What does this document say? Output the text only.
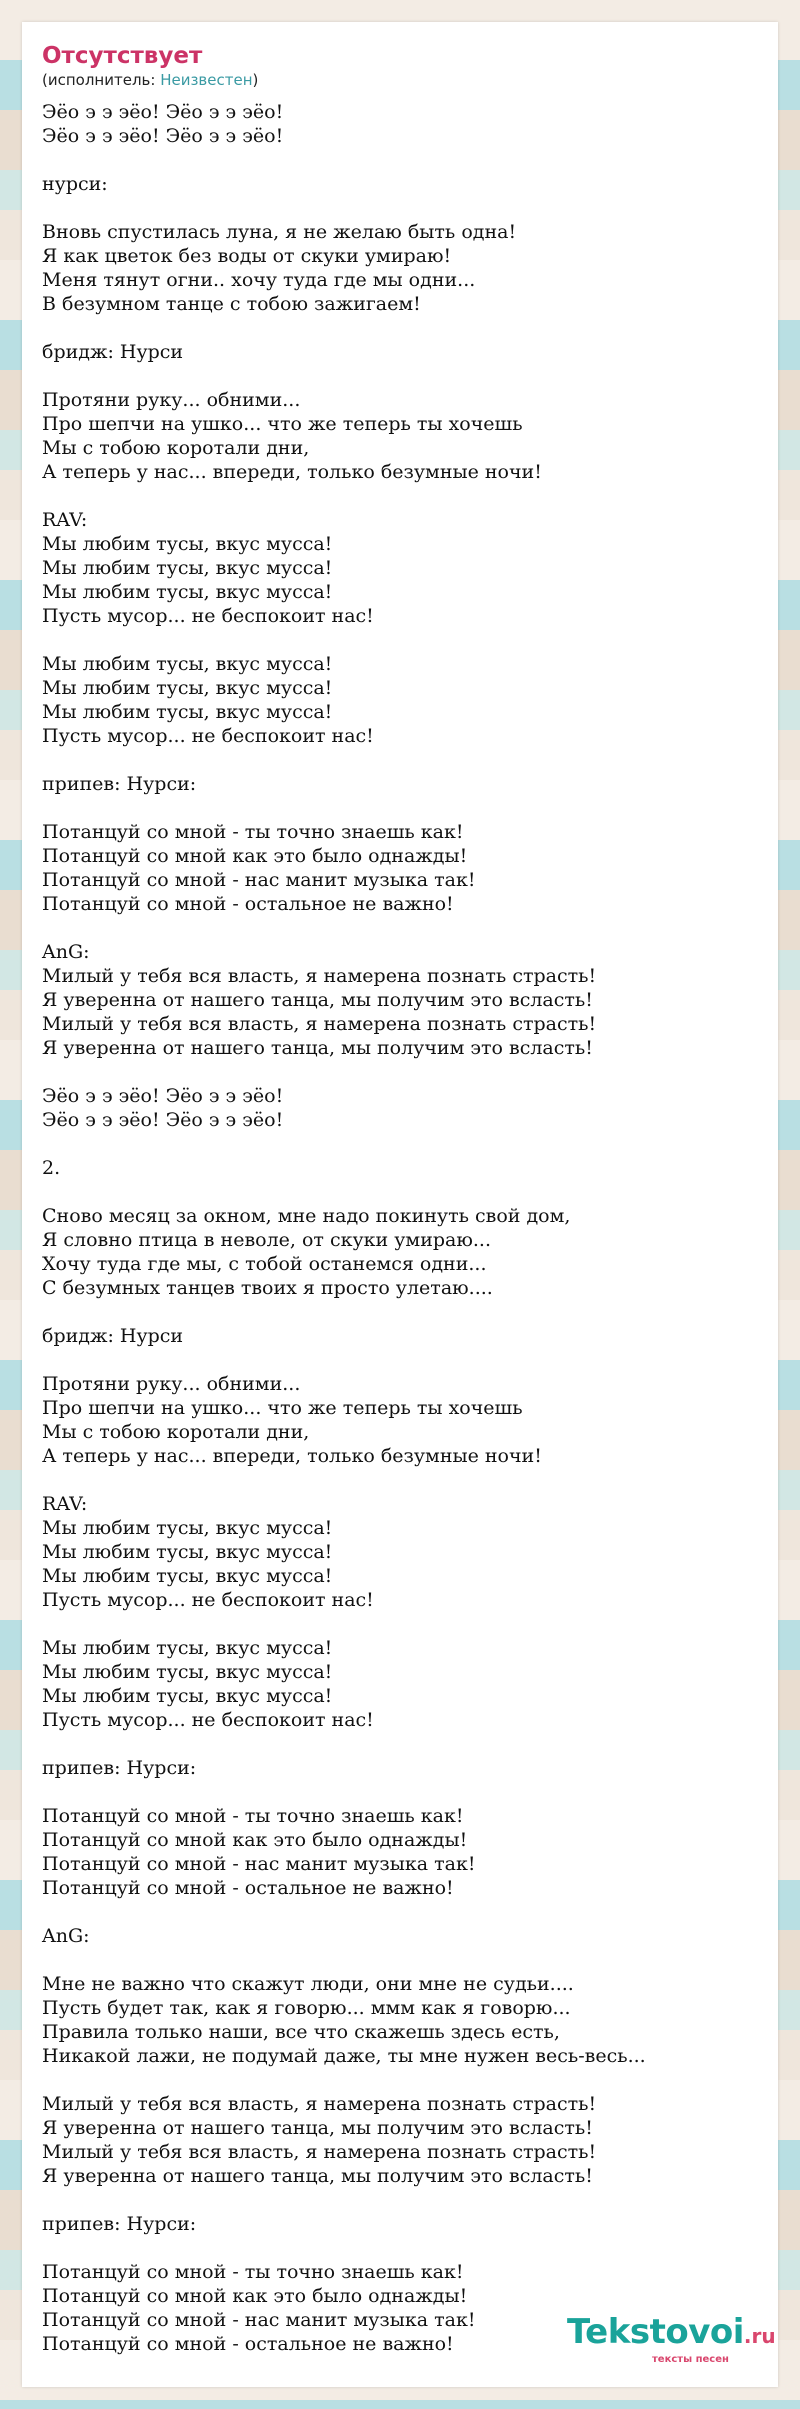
Отсутствует

(исполнитель: Неизвестен)

Эёо э э эёо! Эёо э э эёо!
Эёо э э эёо! Эёо э э эёо!
нурси:
Вновь спустилась луна, я не желаю быть одна!
Я как цветок без воды от скуки умираю!
Меня тянут огни.. хочу туда где мы одни...
В безумном танце с тобою зажигаем!
бридж: Нурси
Протяни руку... обними...
Про шепчи на ушко... что же теперь ты хочешь
Мы с тобою коротали дни,
А теперь у нас... впереди, только безумные ночи!
RAV:
Мы любим тусы, вкус мусса!
Мы любим тусы, вкус мусса!
Мы любим тусы, вкус мусса!
Пусть мусор... не беспокоит нас!
Мы любим тусы, вкус мусса!
Мы любим тусы, вкус мусса!
Мы любим тусы, вкус мусса!
Пусть мусор... не беспокоит нас!
припев: Нурси:
Потанцуй со мной - ты точно знаешь как!
Потанцуй со мной как это было однажды!
Потанцуй со мной - нас манит музыка так!
Потанцуй со мной - остальное не важно!
AnG:
Милый у тебя вся власть, я намерена познать страсть!
Я уверенна от нашего танца, мы получим это всласть!
Милый у тебя вся власть, я намерена познать страсть!
Я уверенна от нашего танца, мы получим это всласть!
Эёо э э эёо! Эёо э э эёо!
Эёо э э эёо! Эёо э э эёо!
2.
Сново месяц за окном, мне надо покинуть свой дом,
Я словно птица в неволе, от скуки умираю...
Хочу туда где мы, с тобой останемся одни...
С безумных танцев твоих я просто улетаю....
бридж: Нурси
Протяни руку... обними...
Про шепчи на ушко... что же теперь ты хочешь
Мы с тобою коротали дни,
А теперь у нас... впереди, только безумные ночи!
RAV:
Мы любим тусы, вкус мусса!
Мы любим тусы, вкус мусса!
Мы любим тусы, вкус мусса!
Пусть мусор... не беспокоит нас!
Мы любим тусы, вкус мусса!
Мы любим тусы, вкус мусса!
Мы любим тусы, вкус мусса!
Пусть мусор... не беспокоит нас!
припев: Нурси:
Потанцуй со мной - ты точно знаешь как!
Потанцуй со мной как это было однажды!
Потанцуй со мной - нас манит музыка так!
Потанцуй со мной - остальное не важно!
AnG:
Мне не важно что скажут люди, они мне не судьи....
Пусть будет так, как я говорю... ммм как я говорю...
Правила только наши, все что скажешь здесь есть,
Никакой лажи, не подумай даже, ты мне нужен весь-весь...
Милый у тебя вся власть, я намерена познать страсть!
Я уверенна от нашего танца, мы получим это всласть!
Милый у тебя вся власть, я намерена познать страсть!
Я уверенна от нашего танца, мы получим это всласть!
припев: Нурси:
Потанцуй со мной - ты точно знаешь как!
Потанцуй со мной как это было однажды!
Потанцуй со мной - нас манит музыка так!
Потанцуй со мной - остальное не важно!	Tekstovoi.ru
тексты песен
